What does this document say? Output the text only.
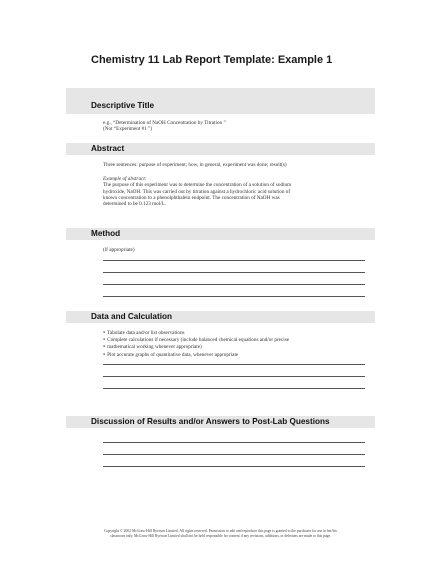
Chemistry 11 Lab Report Template: Example 1
Descriptive Title

e.g., “Determination of NaOH Concentration by Titration ”

(Not “Experiment #1 ”)

Abstract
Three sentences: purpose of experiment; how, in general, experiment was done; result(s)

Example of abstract:

The purpose of this experiment was to determine the concentration of a solution of sodium

hydroxide, NaOH. This was carried out by titration against a hydrochloric acid solution of

known concentration to a phenolphthalein endpoint. The concentration of NaOH was

determined to be 0.123 mol/L.

Method
(if appropriate)
Data and Calculation
● Tabulate data and/or list observations
● Complete calculations if necessary (include balanced chemical equations and/or precise
● mathematical working whenever appropriate)
● Plot accurate graphs of quantitative data, whenever appropriate
Discussion of Results and/or Answers to Post-Lab Questions
Copyright © 2002 McGraw-Hill Ryerson Limited. All rights reserved. Permission to edit and reproduce this page is granted to the purchaser for use in her/his
classroom only. McGraw-Hill Ryerson Limited shall not be held responsible for content if any revisions, additions, or deletions are made to this page.
